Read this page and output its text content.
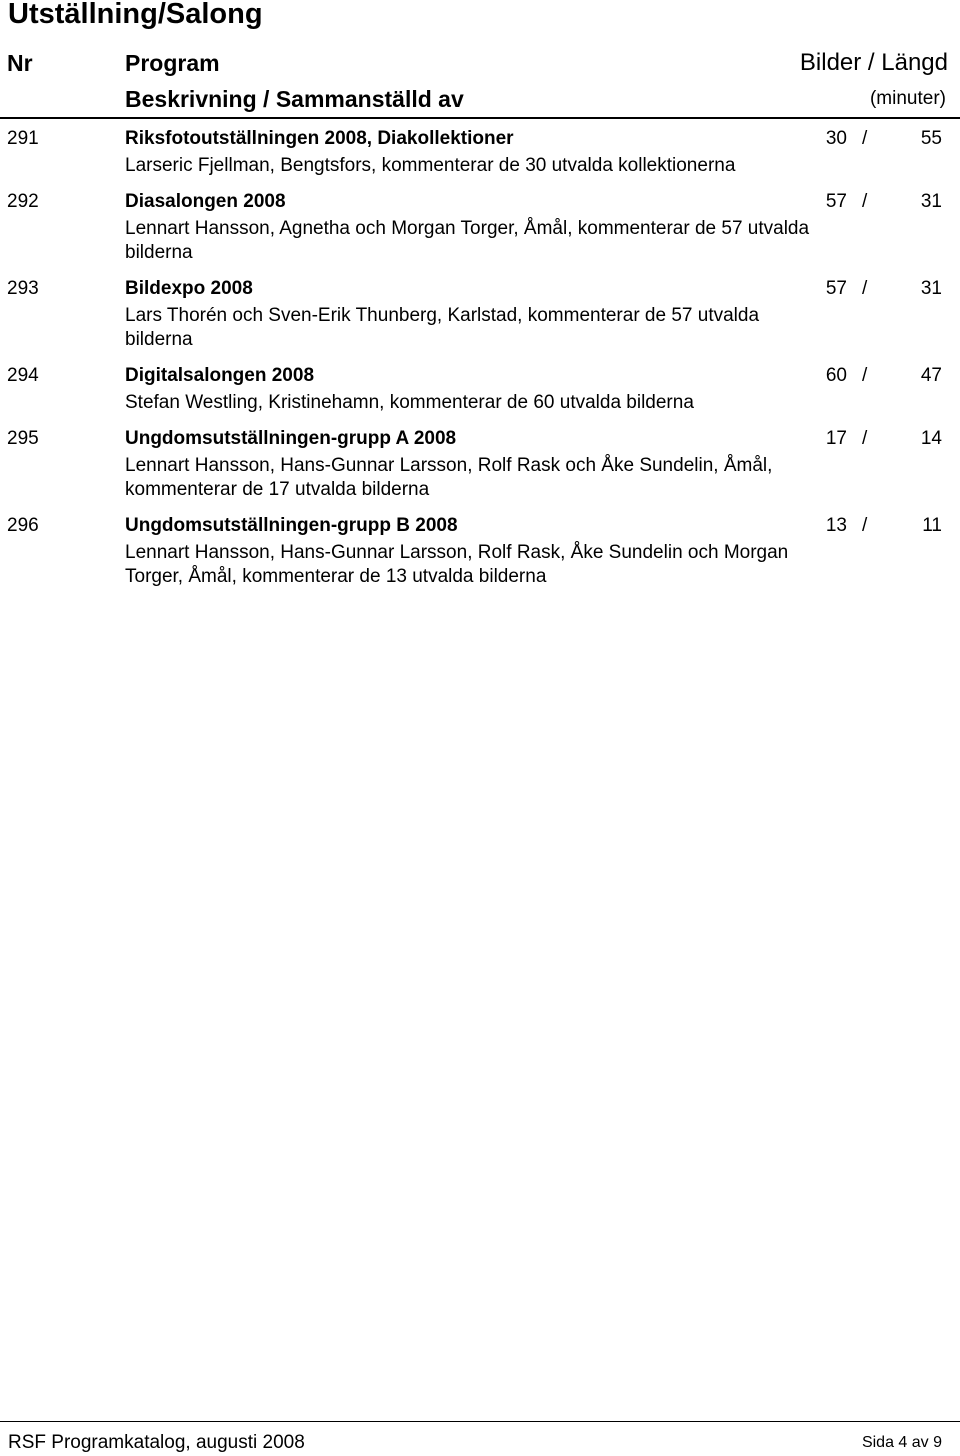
Utställning/Salong
Nr	Program
Beskrivning / Sammanställd av
Bilder / Längd
(minuter)
291	Riksfotoutställningen 2008, Diakollektioner
Larseric Fjellman, Bengtsfors, kommenterar de 30 utvalda kollektionerna
30 /	55
292	Diasalongen 2008
Lennart Hansson, Agnetha och Morgan Torger, Åmål, kommenterar de 57 utvalda bilderna
57 /	31
293	Bildexpo 2008
Lars Thorén och Sven-Erik Thunberg, Karlstad, kommenterar de 57 utvalda bilderna
57 /	31
294	Digitalsalongen 2008
Stefan Westling, Kristinehamn, kommenterar de 60 utvalda bilderna
60 /	47
295	Ungdomsutställningen-grupp A 2008
Lennart Hansson, Hans-Gunnar Larsson, Rolf Rask och Åke Sundelin, Åmål, kommenterar de 17 utvalda bilderna
17 /	14
296	Ungdomsutställningen-grupp B 2008
Lennart Hansson, Hans-Gunnar Larsson, Rolf Rask, Åke Sundelin och Morgan Torger, Åmål, kommenterar de 13 utvalda bilderna
13 /	11
RSF Programkatalog, augusti 2008	Sida 4 av 9
